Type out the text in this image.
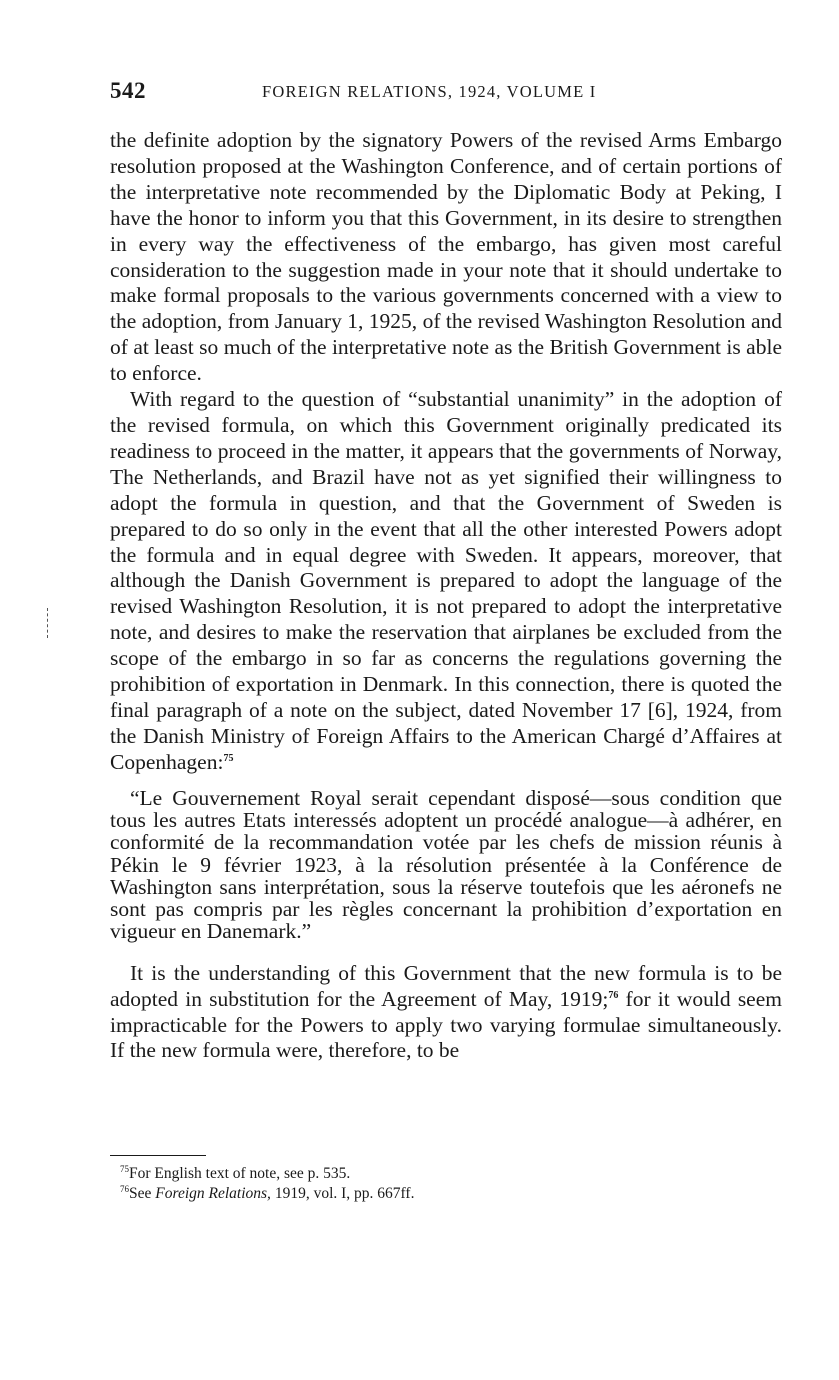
542	FOREIGN RELATIONS, 1924, VOLUME I

the definite adoption by the signatory Powers of the revised Arms Embargo resolution proposed at the Washington Conference, and of certain portions of the interpretative note recommended by the Diplomatic Body at Peking, I have the honor to inform you that this Government, in its desire to strengthen in every way the effectiveness of the embargo, has given most careful consideration to the suggestion made in your note that it should undertake to make formal proposals to the various governments concerned with a view to the adoption, from January 1, 1925, of the revised Washington Resolution and of at least so much of the interpretative note as the British Government is able to enforce.

With regard to the question of “substantial unanimity” in the adoption of the revised formula, on which this Government originally predicated its readiness to proceed in the matter, it appears that the governments of Norway, The Netherlands, and Brazil have not as yet signified their willingness to adopt the formula in question, and that the Government of Sweden is prepared to do so only in the event that all the other interested Powers adopt the formula and in equal degree with Sweden. It appears, moreover, that although the Danish Government is prepared to adopt the language of the revised Washington Resolution, it is not prepared to adopt the interpretative note, and desires to make the reservation that airplanes be excluded from the scope of the embargo in so far as concerns the regulations governing the prohibition of exportation in Denmark. In this connection, there is quoted the final paragraph of a note on the subject, dated November 17 [6], 1924, from the Danish Ministry of Foreign Affairs to the American Chargé d’Affaires at Copenhagen:$^{75}$

“Le Gouvernement Royal serait cependant disposé—sous condition que tous les autres Etats interessés adoptent un procédé analogue—à adhérer, en conformité de la recommandation votée par les chefs de mission réunis à Pékin le 9 février 1923, à la résolution présentée à la Conférence de Washington sans interprétation, sous la réserve toutefois que les aéronefs ne sont pas compris par les règles concernant la prohibition d’exportation en vigueur en Danemark.”

It is the understanding of this Government that the new formula is to be adopted in substitution for the Agreement of May, 1919;$^{76}$ for it would seem impracticable for the Powers to apply two varying formulae simultaneously. If the new formula were, therefore, to be

$^{75}$For English text of note, see p. 535.
$^{76}$See Foreign Relations, 1919, vol. I, pp. 667ff.
